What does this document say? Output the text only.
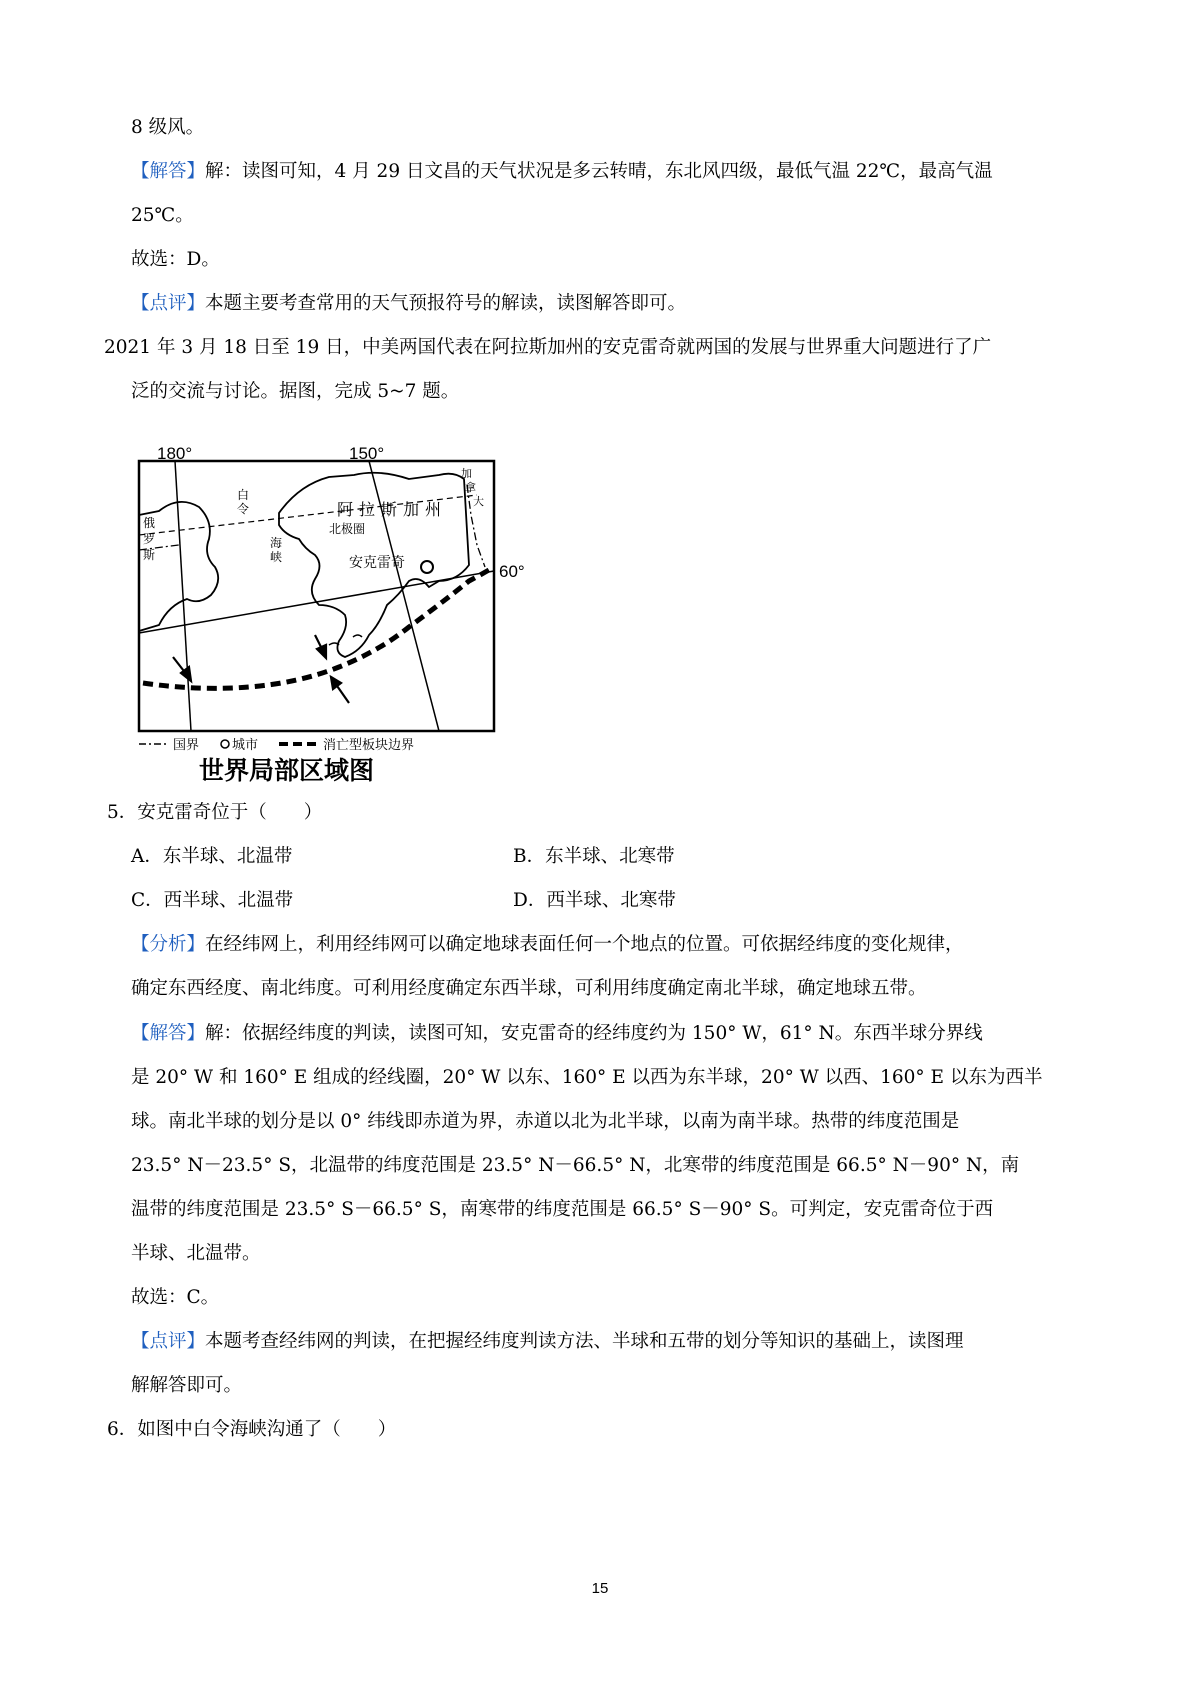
8 级风。
【解答】解：读图可知，4 月 29 日文昌的天气状况是多云转晴，东北风四级，最低气温 22℃，最高气温
25℃。
故选：D。
【点评】本题主要考查常用的天气预报符号的解读，读图解答即可。
2021 年 3 月 18 日至 19 日，中美两国代表在阿拉斯加州的安克雷奇就两国的发展与世界重大问题进行了广
泛的交流与讨论。据图，完成 5~7 题。
180°	150°
60°
阿拉斯加州
北极圈
安克雷奇
白
令
海
峡
俄
罗
斯
加
拿
大
国界	城市	消亡型板块边界
世界局部区域图
5．安克雷奇位于（　　）
A．东半球、北温带	B．东半球、北寒带
C．西半球、北温带	D．西半球、北寒带
【分析】在经纬网上，利用经纬网可以确定地球表面任何一个地点的位置。可依据经纬度的变化规律，
确定东西经度、南北纬度。可利用经度确定东西半球，可利用纬度确定南北半球，确定地球五带。
【解答】解：依据经纬度的判读，读图可知，安克雷奇的经纬度约为 150° W，61° N。东西半球分界线
是 20° W 和 160° E 组成的经线圈，20° W 以东、160° E 以西为东半球，20° W 以西、160° E 以东为西半
球。南北半球的划分是以 0° 纬线即赤道为界，赤道以北为北半球，以南为南半球。热带的纬度范围是
23.5° N－23.5° S，北温带的纬度范围是 23.5° N－66.5° N，北寒带的纬度范围是 66.5° N－90° N，南
温带的纬度范围是 23.5° S－66.5° S，南寒带的纬度范围是 66.5° S－90° S。可判定，安克雷奇位于西
半球、北温带。
故选：C。
【点评】本题考查经纬网的判读，在把握经纬度判读方法、半球和五带的划分等知识的基础上，读图理
解解答即可。
6．如图中白令海峡沟通了（　　）
15
